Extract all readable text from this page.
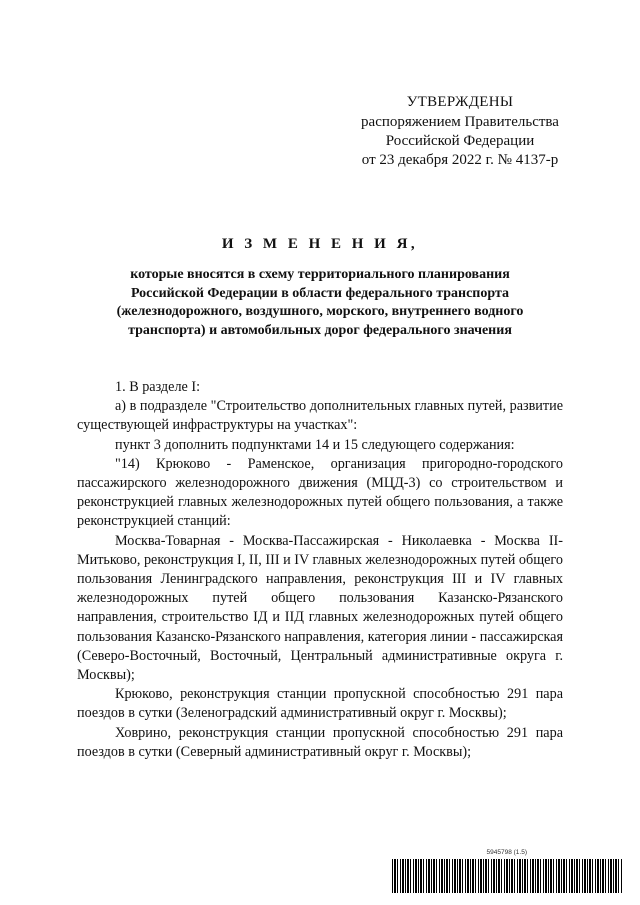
УТВЕРЖДЕНЫ
распоряжением Правительства
Российской Федерации
от 23 декабря 2022 г. № 4137-р
И З М Е Н Е Н И Я,
которые вносятся в схему территориального планирования
Российской Федерации в области федерального транспорта
(железнодорожного, воздушного, морского, внутреннего водного
транспорта) и автомобильных дорог федерального значения

1. В разделе I:

а) в подразделе "Строительство дополнительных главных путей, развитие существующей инфраструктуры на участках":

пункт 3 дополнить подпунктами 14 и 15 следующего содержания:

"14) Крюково - Раменское, организация пригородно-городского пассажирского железнодорожного движения (МЦД-3) со строительством и реконструкцией главных железнодорожных путей общего пользования, а также реконструкцией станций:

Москва-Товарная - Москва-Пассажирская - Николаевка - Москва II-Митьково, реконструкция I, II, III и IV главных железнодорожных путей общего пользования Ленинградского направления, реконструкция III и IV главных железнодорожных путей общего пользования Казанско-Рязанского направления, строительство IД и IIД главных железнодорожных путей общего пользования Казанско-Рязанского направления, категория линии - пассажирская (Северо-Восточный, Восточный, Центральный административные округа г. Москвы);

Крюково, реконструкция станции пропускной способностью 291 пара поездов в сутки (Зеленоградский административный округ г. Москвы);

Ховрино, реконструкция станции пропускной способностью 291 пара поездов в сутки (Северный административный округ г. Москвы);

5945798 (1.5)
